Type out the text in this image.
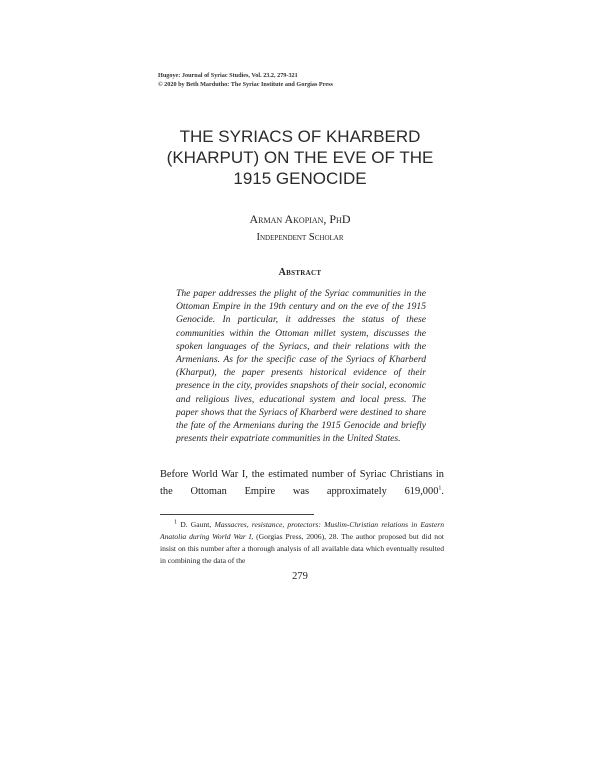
Hugoye: Journal of Syriac Studies, Vol. 23.2, 279-321
© 2020 by Beth Mardutho: The Syriac Institute and Gorgias Press
THE SYRIACS OF KHARBERD
(KHARPUT) ON THE EVE OF THE
1915 GENOCIDE
Arman Akopian, PhD
Independent Scholar
Abstract

The paper addresses the plight of the Syriac communities in the Ottoman Empire in the 19th century and on the eve of the 1915 Genocide. In particular, it addresses the status of these communities within the Ottoman millet system, discusses the spoken languages of the Syriacs, and their relations with the Armenians. As for the specific case of the Syriacs of Kharberd (Kharput), the paper presents historical evidence of their presence in the city, provides snapshots of their social, economic and religious lives, educational system and local press. The paper shows that the Syriacs of Kharberd were destined to share the fate of the Armenians during the 1915 Genocide and briefly presents their expatriate communities in the United States.

Before World War I, the estimated number of Syriac Christians in the Ottoman Empire was approximately 619,000$^1$.

$^1$ D. Gaunt, Massacres, resistance, protectors: Muslim-Christian relations in Eastern Anatolia during World War I, (Gorgias Press, 2006), 28. The author proposed but did not insist on this number after a thorough analysis of all available data which eventually resulted in combining the data of the

279
